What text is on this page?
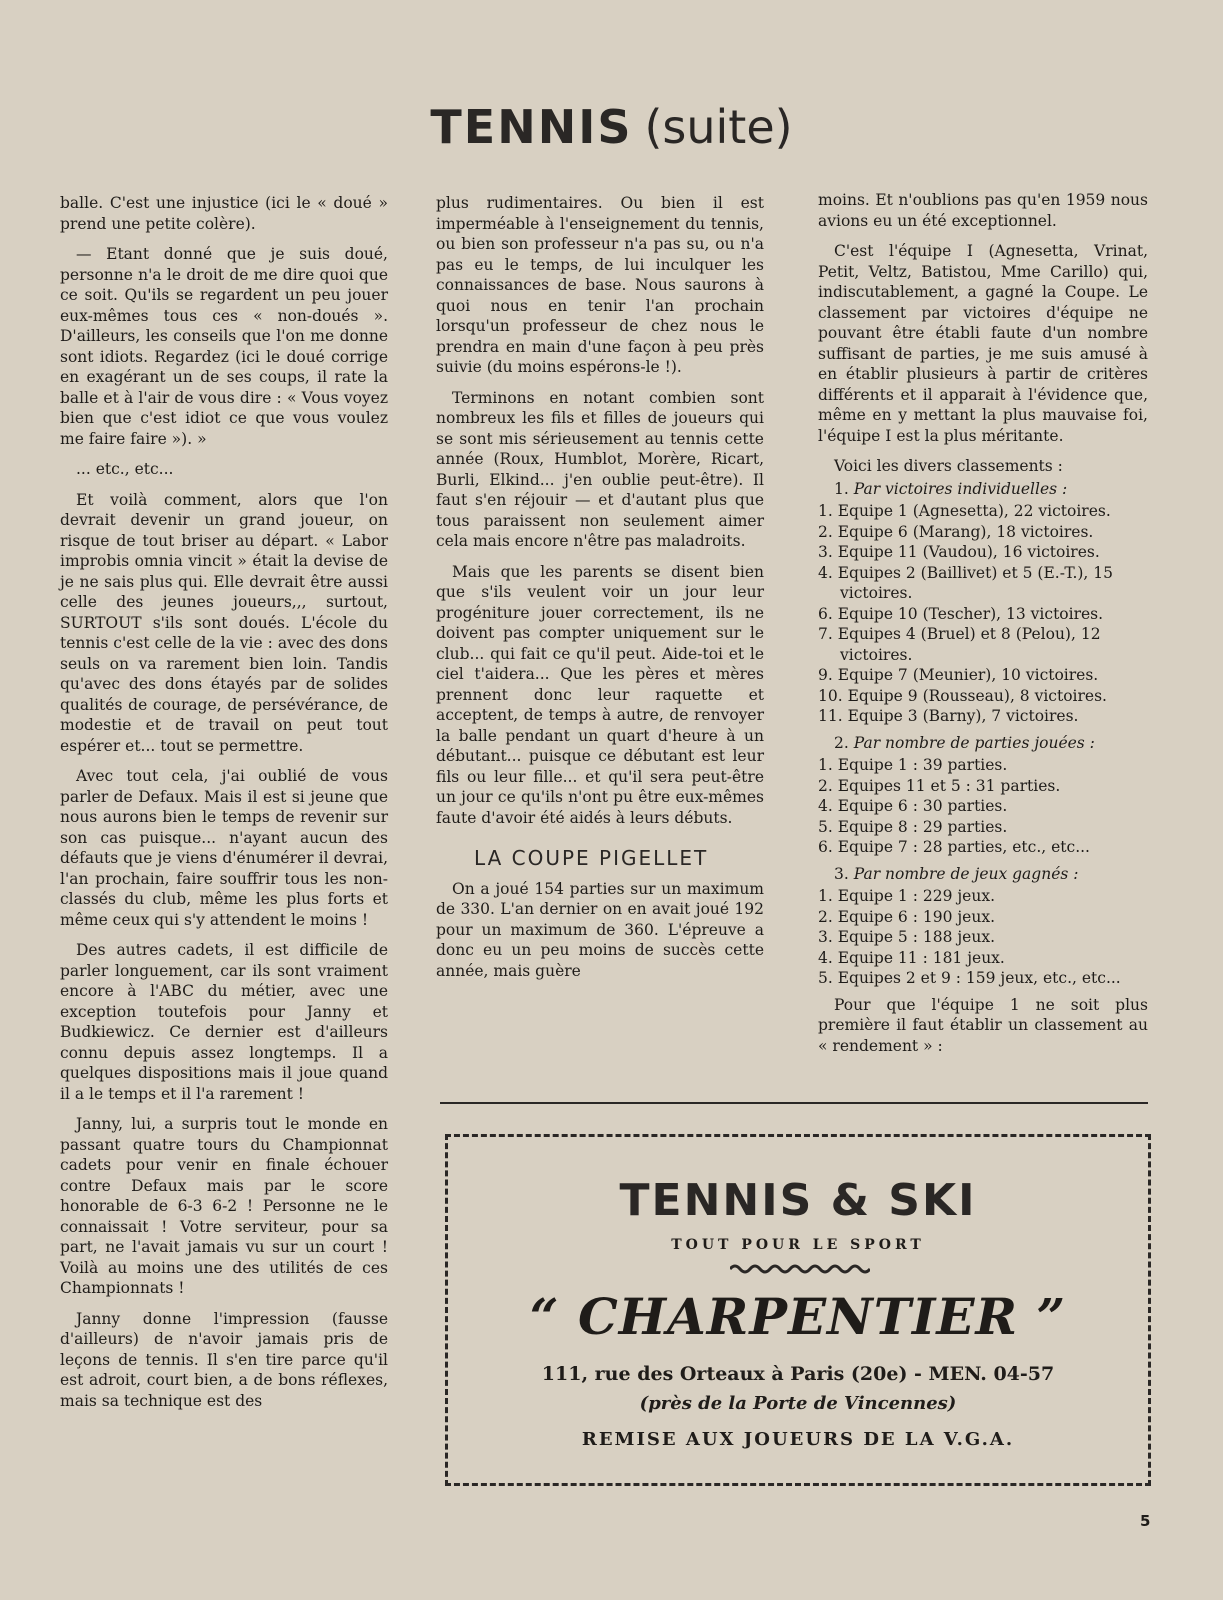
TENNIS (suite)

balle. C'est une injustice (ici le « doué » prend une petite colère).

— Etant donné que je suis doué, personne n'a le droit de me dire quoi que ce soit. Qu'ils se regardent un peu jouer eux-mêmes tous ces « non-doués ». D'ailleurs, les conseils que l'on me donne sont idiots. Regardez (ici le doué corrige en exagérant un de ses coups, il rate la balle et à l'air de vous dire : « Vous voyez bien que c'est idiot ce que vous voulez me faire faire »). »

... etc., etc...

Et voilà comment, alors que l'on devrait devenir un grand joueur, on risque de tout briser au départ. « Labor improbis omnia vincit » était la devise de je ne sais plus qui. Elle devrait être aussi celle des jeunes joueurs,,, surtout, SURTOUT s'ils sont doués. L'école du tennis c'est celle de la vie : avec des dons seuls on va rarement bien loin. Tandis qu'avec des dons étayés par de solides qualités de courage, de persévérance, de modestie et de travail on peut tout espérer et... tout se permettre.

Avec tout cela, j'ai oublié de vous parler de Defaux. Mais il est si jeune que nous aurons bien le temps de revenir sur son cas puisque... n'ayant aucun des défauts que je viens d'énumérer il devrai, l'an prochain, faire souffrir tous les non-classés du club, même les plus forts et même ceux qui s'y attendent le moins !

Des autres cadets, il est difficile de parler longuement, car ils sont vraiment encore à l'ABC du métier, avec une exception toutefois pour Janny et Budkiewicz. Ce dernier est d'ailleurs connu depuis assez longtemps. Il a quelques dispositions mais il joue quand il a le temps et il l'a rarement !

Janny, lui, a surpris tout le monde en passant quatre tours du Championnat cadets pour venir en finale échouer contre Defaux mais par le score honorable de 6-3 6-2 ! Personne ne le connaissait ! Votre serviteur, pour sa part, ne l'avait jamais vu sur un court ! Voilà au moins une des utilités de ces Championnats !

Janny donne l'impression (fausse d'ailleurs) de n'avoir jamais pris de leçons de tennis. Il s'en tire parce qu'il est adroit, court bien, a de bons réflexes, mais sa technique est des

plus rudimentaires. Ou bien il est imperméable à l'enseignement du tennis, ou bien son professeur n'a pas su, ou n'a pas eu le temps, de lui inculquer les connaissances de base. Nous saurons à quoi nous en tenir l'an prochain lorsqu'un professeur de chez nous le prendra en main d'une façon à peu près suivie (du moins espérons-le !).

Terminons en notant combien sont nombreux les fils et filles de joueurs qui se sont mis sérieusement au tennis cette année (Roux, Humblot, Morère, Ricart, Burli, Elkind... j'en oublie peut-être). Il faut s'en réjouir — et d'autant plus que tous paraissent non seulement aimer cela mais encore n'être pas maladroits.

Mais que les parents se disent bien que s'ils veulent voir un jour leur progéniture jouer correctement, ils ne doivent pas compter uniquement sur le club... qui fait ce qu'il peut. Aide-toi et le ciel t'aidera... Que les pères et mères prennent donc leur raquette et acceptent, de temps à autre, de renvoyer la balle pendant un quart d'heure à un débutant... puisque ce débutant est leur fils ou leur fille... et qu'il sera peut-être un jour ce qu'ils n'ont pu être eux-mêmes faute d'avoir été aidés à leurs débuts.

LA COUPE PIGELLET

On a joué 154 parties sur un maximum de 330. L'an dernier on en avait joué 192 pour un maximum de 360. L'épreuve a donc eu un peu moins de succès cette année, mais guère

moins. Et n'oublions pas qu'en 1959 nous avions eu un été exceptionnel.

C'est l'équipe I (Agnesetta, Vrinat, Petit, Veltz, Batistou, Mme Carillo) qui, indiscutablement, a gagné la Coupe. Le classement par victoires d'équipe ne pouvant être établi faute d'un nombre suffisant de parties, je me suis amusé à en établir plusieurs à partir de critères différents et il apparait à l'évidence que, même en y mettant la plus mauvaise foi, l'équipe I est la plus méritante.

Voici les divers classements :

1. Par victoires individuelles :
1. Equipe 1 (Agnesetta), 22 victoires.
2. Equipe 6 (Marang), 18 victoires.
3. Equipe 11 (Vaudou), 16 victoires.
4. Equipes 2 (Baillivet) et 5 (E.-T.), 15 victoires.
6. Equipe 10 (Tescher), 13 victoires.
7. Equipes 4 (Bruel) et 8 (Pelou), 12 victoires.
9. Equipe 7 (Meunier), 10 victoires.
10. Equipe 9 (Rousseau), 8 victoires.
11. Equipe 3 (Barny), 7 victoires.
2. Par nombre de parties jouées :
1. Equipe 1 : 39 parties.
2. Equipes 11 et 5 : 31 parties.
4. Equipe 6 : 30 parties.
5. Equipe 8 : 29 parties.
6. Equipe 7 : 28 parties, etc., etc...
3. Par nombre de jeux gagnés :
1. Equipe 1 : 229 jeux.
2. Equipe 6 : 190 jeux.
3. Equipe 5 : 188 jeux.
4. Equipe 11 : 181 jeux.
5. Equipes 2 et 9 : 159 jeux, etc., etc...

Pour que l'équipe 1 ne soit plus première il faut établir un classement au « rendement » :

TENNIS & SKI
TOUT POUR LE SPORT
“ CHARPENTIER ”
111, rue des Orteaux à Paris (20e) - MEN. 04-57
(près de la Porte de Vincennes)
REMISE AUX JOUEURS DE LA V.G.A.
5
